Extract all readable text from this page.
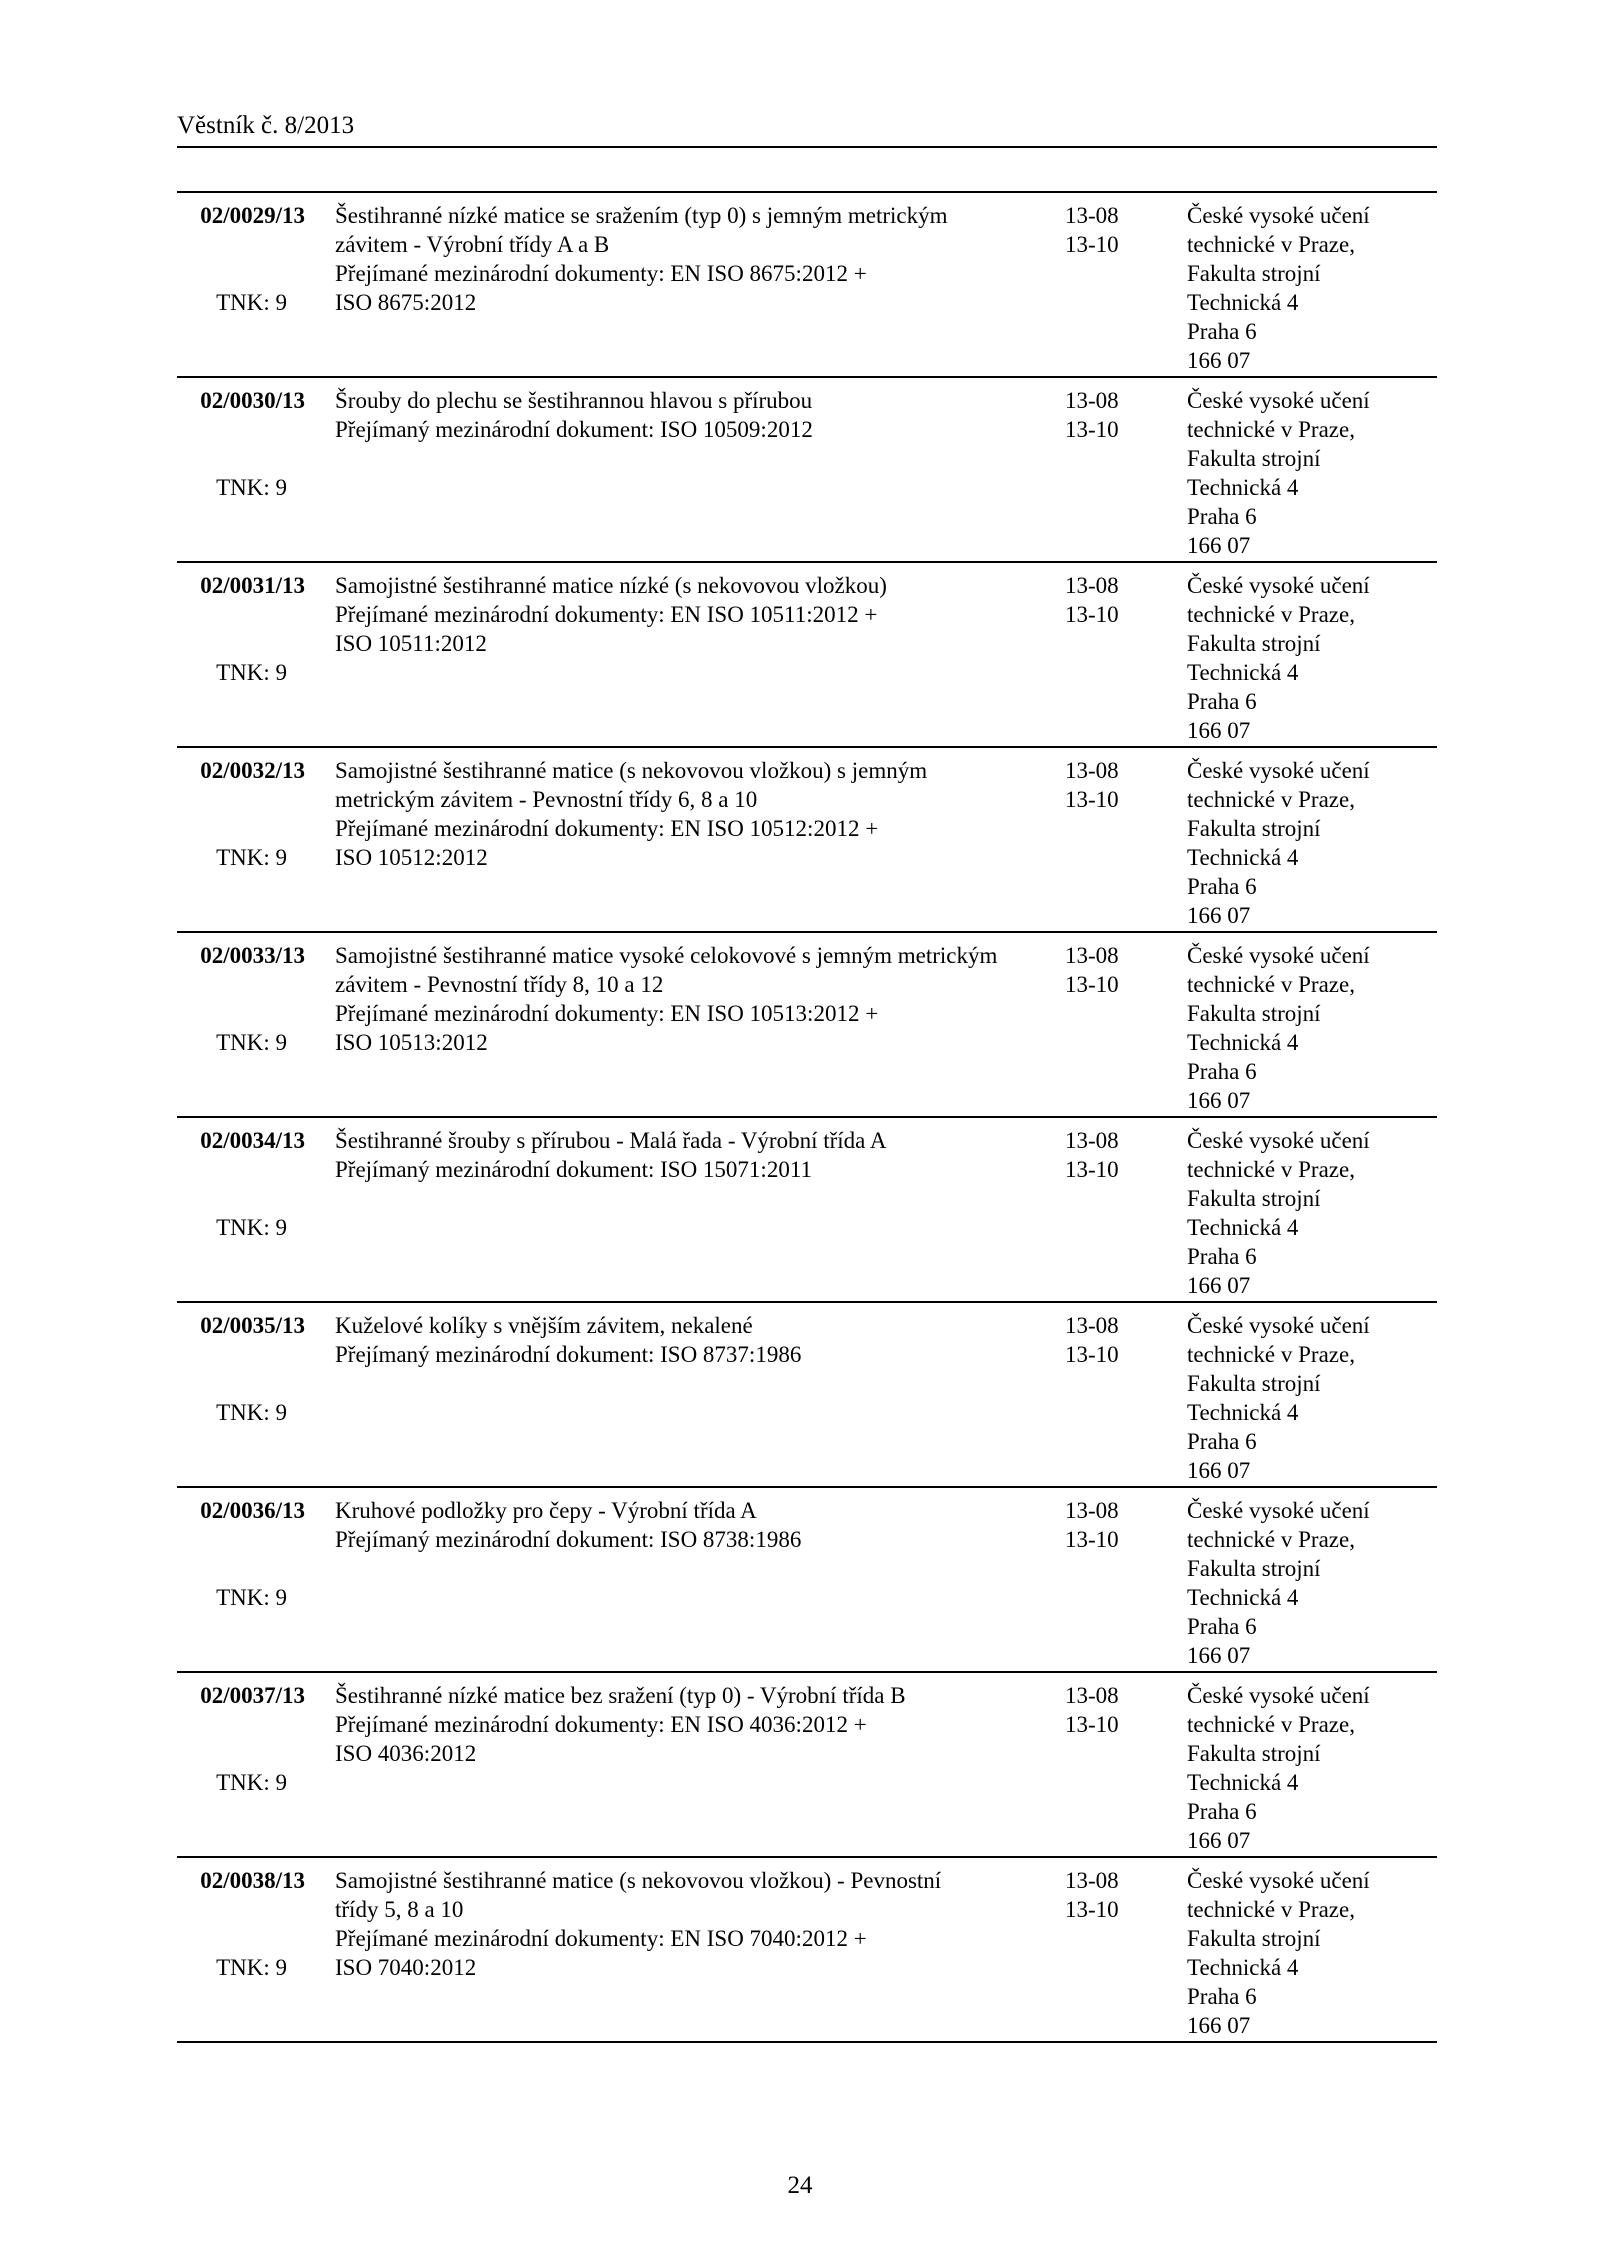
Věstník č. 8/2013
02/0029/13
TNK: 9
Šestihranné nízké matice se sražením (typ 0) s jemným metrickým
závitem - Výrobní třídy A a B
Přejímané mezinárodní dokumenty: EN ISO 8675:2012 +
ISO 8675:2012
13-08
13-10
České vysoké učení
technické v Praze,
Fakulta strojní
Technická 4
Praha 6
166 07
02/0030/13
TNK: 9
Šrouby do plechu se šestihrannou hlavou s přírubou
Přejímaný mezinárodní dokument: ISO 10509:2012
13-08
13-10
České vysoké učení
technické v Praze,
Fakulta strojní
Technická 4
Praha 6
166 07
02/0031/13
TNK: 9
Samojistné šestihranné matice nízké (s nekovovou vložkou)
Přejímané mezinárodní dokumenty: EN ISO 10511:2012 +
ISO 10511:2012
13-08
13-10
České vysoké učení
technické v Praze,
Fakulta strojní
Technická 4
Praha 6
166 07
02/0032/13
TNK: 9
Samojistné šestihranné matice (s nekovovou vložkou) s jemným
metrickým závitem - Pevnostní třídy 6, 8 a 10
Přejímané mezinárodní dokumenty: EN ISO 10512:2012 +
ISO 10512:2012
13-08
13-10
České vysoké učení
technické v Praze,
Fakulta strojní
Technická 4
Praha 6
166 07
02/0033/13
TNK: 9
Samojistné šestihranné matice vysoké celokovové s jemným metrickým
závitem - Pevnostní třídy 8, 10 a 12
Přejímané mezinárodní dokumenty: EN ISO 10513:2012 +
ISO 10513:2012
13-08
13-10
České vysoké učení
technické v Praze,
Fakulta strojní
Technická 4
Praha 6
166 07
02/0034/13
TNK: 9
Šestihranné šrouby s přírubou - Malá řada - Výrobní třída A
Přejímaný mezinárodní dokument: ISO 15071:2011
13-08
13-10
České vysoké učení
technické v Praze,
Fakulta strojní
Technická 4
Praha 6
166 07
02/0035/13
TNK: 9
Kuželové kolíky s vnějším závitem, nekalené
Přejímaný mezinárodní dokument: ISO 8737:1986
13-08
13-10
České vysoké učení
technické v Praze,
Fakulta strojní
Technická 4
Praha 6
166 07
02/0036/13
TNK: 9
Kruhové podložky pro čepy - Výrobní třída A
Přejímaný mezinárodní dokument: ISO 8738:1986
13-08
13-10
České vysoké učení
technické v Praze,
Fakulta strojní
Technická 4
Praha 6
166 07
02/0037/13
TNK: 9
Šestihranné nízké matice bez sražení (typ 0) - Výrobní třída B
Přejímané mezinárodní dokumenty: EN ISO 4036:2012 +
ISO 4036:2012
13-08
13-10
České vysoké učení
technické v Praze,
Fakulta strojní
Technická 4
Praha 6
166 07
02/0038/13
TNK: 9
Samojistné šestihranné matice (s nekovovou vložkou) - Pevnostní
třídy 5, 8 a 10
Přejímané mezinárodní dokumenty: EN ISO 7040:2012 +
ISO 7040:2012
13-08
13-10
České vysoké učení
technické v Praze,
Fakulta strojní
Technická 4
Praha 6
166 07
24
